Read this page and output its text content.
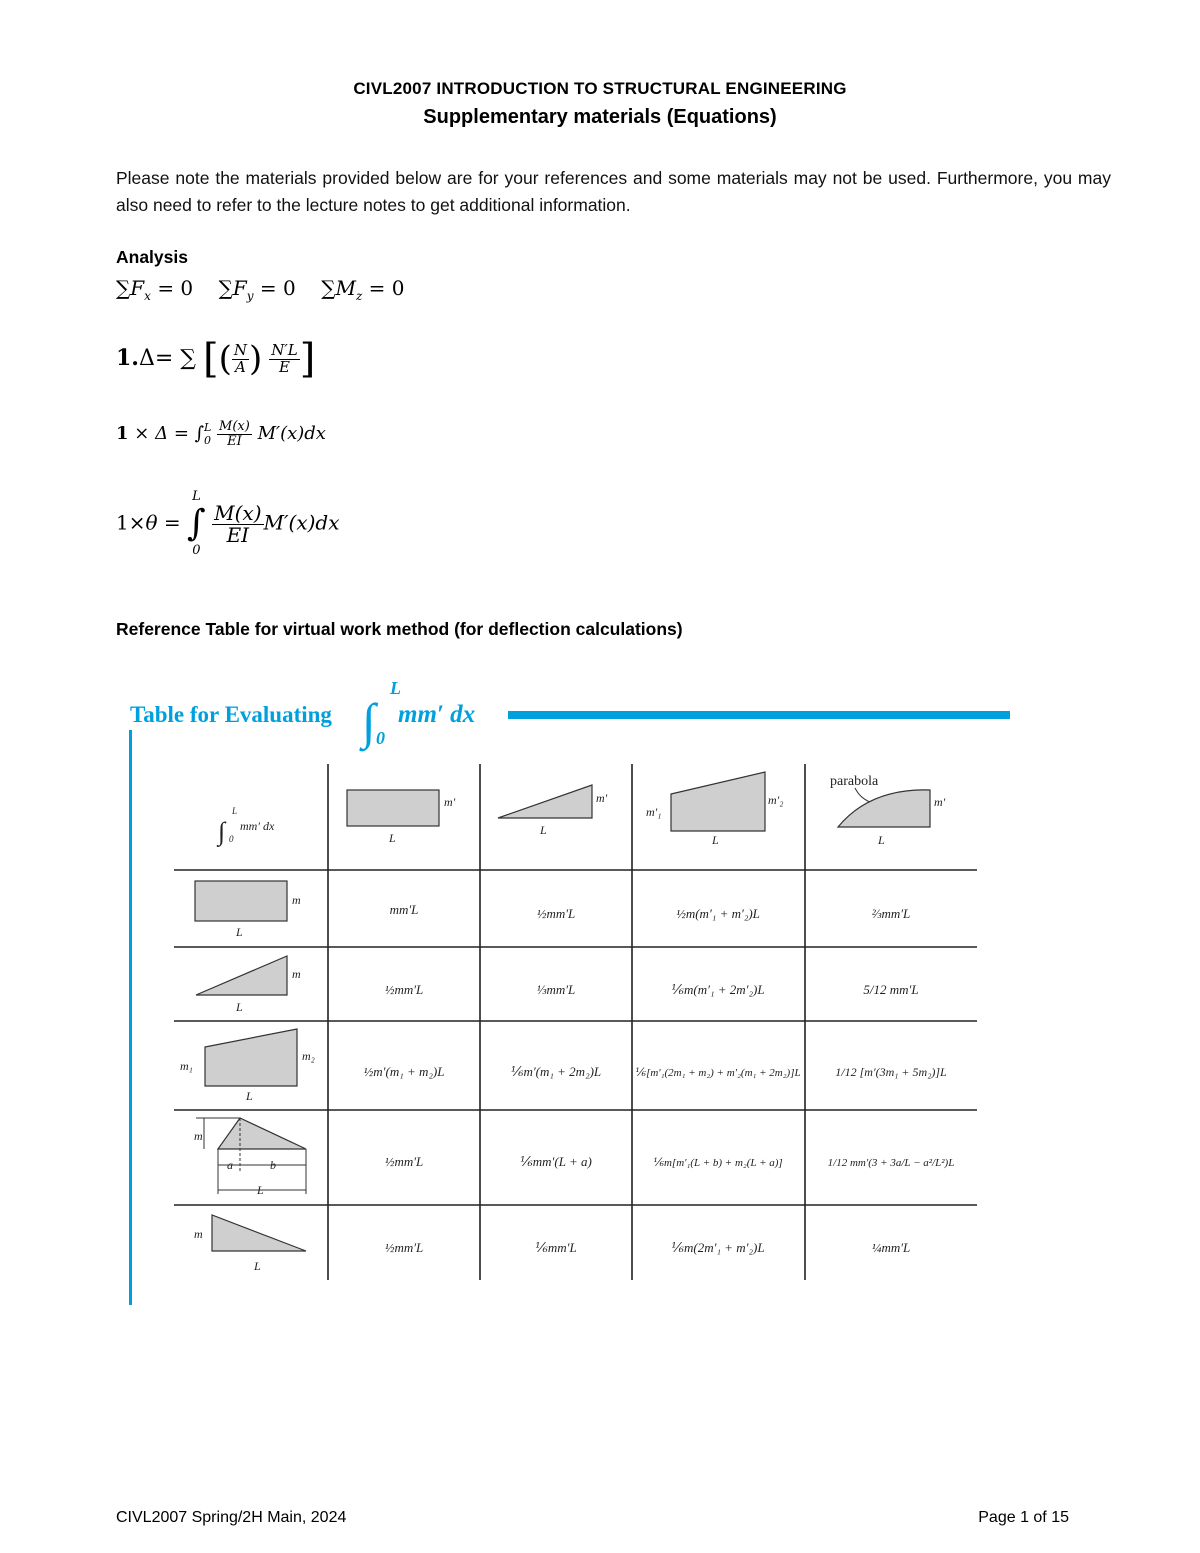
CIVL2007 INTRODUCTION TO STRUCTURAL ENGINEERING
Supplementary materials (Equations)
Please note the materials provided below are for your references and some materials may not be used. Furthermore, you may also need to refer to the lecture notes to get additional information.
Analysis
$\sum F_x = 0$ $\sum F_y = 0$ $\sum M_z = 0$
1.Δ= ∑ [( $\frac{N}{A}$ ) $\frac{N'L}{E}$ ]
1 × Δ = ∫ L
0
$\frac{M(x)}{EI} M'(x)dx$
1×θ =
L
∫
0

$\frac{M(x)}{EI} M'(x)dx$
Reference Table for virtual work method (for deflection calculations)
Table for Evaluating ∫
L
0
mm′ dx
∫
L
0
mm′ dx
m′
L
m′
L
m′₁
m′₂
L
m′
L
parabola
m
L
m
L
m₁
m₂
L
m
a	b
L
m
L
mm′L	½mm′L	½m(m′₁ + m′₂)L	⅔mm′L
½mm′L	⅓mm′L	⅙m(m′₁ + 2m′₂)L	5/12 mm′L
½m′(m₁ + m₂)L	⅙m′(m₁ + 2m₂)L	⅙[m′₁(2m₁ + m₂) + m′₂(m₁ + 2m₂)]L	1/12 [m′(3m₁ + 5m₂)]L
½mm′L	⅙mm′(L + a)	⅙m[m′₁(L + b) + m₂(L + a)]	1/12 mm′(3 + 3a/L − a²/L²)L
½mm′L	⅙mm′L	⅙m(2m′₁ + m′₂)L	¼mm′L
CIVL2007 Spring/2H Main, 2024	Page 1 of 15
